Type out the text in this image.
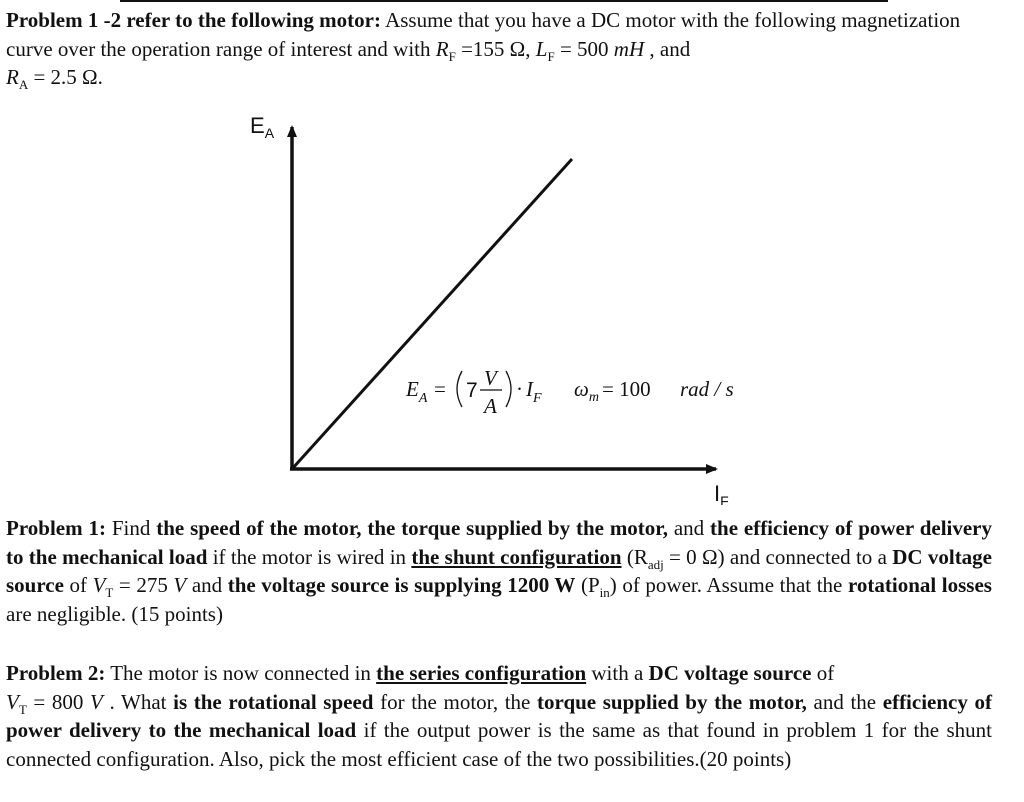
Problem 1 -2 refer to the following motor: Assume that you have a DC motor with the following magnetization curve over the operation range of interest and with $R_F =155$ Ω, $L_F = 500$ mH , and
$R_A = 2.5$ Ω.
$E_A$
$I_F$
$E_A = 7$
V
A
· $I_F$ $\omega_m = 100$ rad / s
Problem 1: Find the speed of the motor, the torque supplied by the motor, and the efficiency of power delivery to the mechanical load if the motor is wired in the shunt configuration ($R_{adj} = 0$ Ω) and connected to a DC voltage source of $V_T = 275$ V and the voltage source is supplying 1200 W $(P_{in})$ of power. Assume that the rotational losses are negligible. (15 points)
Problem 2: The motor is now connected in the series configuration with a DC voltage source of
$V_T = 800$ V . What is the rotational speed for the motor, the torque supplied by the motor, and the efficiency of power delivery to the mechanical load if the output power is the same as that found in problem 1 for the shunt connected configuration. Also, pick the most efficient case of the two possibilities.(20 points)
